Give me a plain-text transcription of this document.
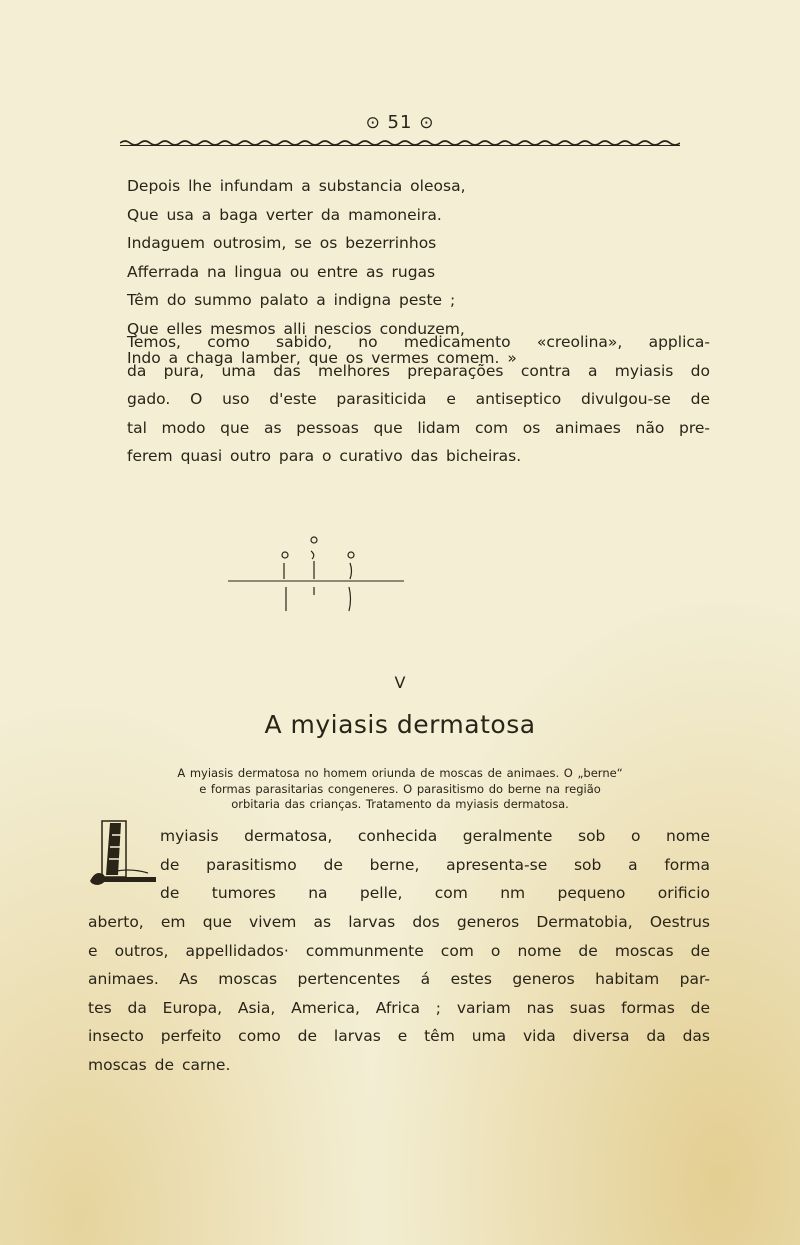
⊙ 51 ⊙
Depois lhe infundam a substancia oleosa,
Que usa a baga verter da mamoneira.
Indaguem outrosim, se os bezerrinhos
Afferrada na lingua ou entre as rugas
Têm do summo palato a indigna peste ;
Que elles mesmos alli nescios conduzem,
Indo a chaga lamber, que os vermes comem. »
Temos, como sabido, no medicamento «creolina», applica-
da pura, uma das melhores preparações contra a myiasis do
gado. O uso d'este parasiticida e antiseptico divulgou-se de
tal modo que as pessoas que lidam com os animaes não pre-
ferem quasi outro para o curativo das bicheiras.
V
A myiasis dermatosa
A myiasis dermatosa no homem oriunda de moscas de animaes. O „berne“
e formas parasitarias congeneres. O parasitismo do berne na região
orbitaria das crianças. Tratamento da myiasis dermatosa.
myiasis dermatosa, conhecida geralmente sob o nome
de parasitismo de berne, apresenta-se sob a forma
de tumores na pelle, com nm pequeno orificio
aberto, em que vivem as larvas dos generos Dermatobia, Oestrus
e outros, appellidados· communmente com o nome de moscas de
animaes. As moscas pertencentes á estes generos habitam par-
tes da Europa, Asia, America, Africa ; variam nas suas formas de
insecto perfeito como de larvas e têm uma vida diversa da das
moscas de carne.
